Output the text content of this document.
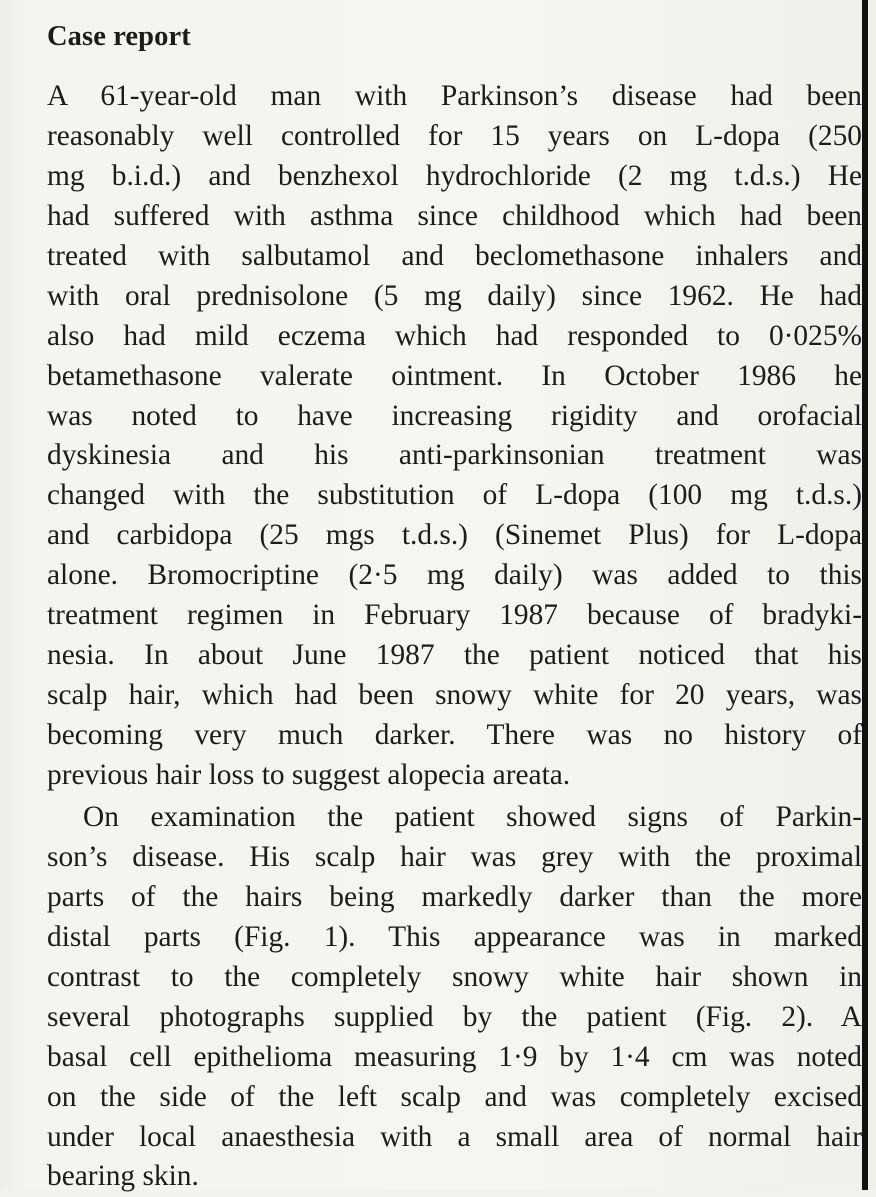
Case report
A 61-year-old man with Parkinson’s disease had been
reasonably well controlled for 15 years on L-dopa (250
mg b.i.d.) and benzhexol hydrochloride (2 mg t.d.s.) He
had suffered with asthma since childhood which had been
treated with salbutamol and beclomethasone inhalers and
with oral prednisolone (5 mg daily) since 1962. He had
also had mild eczema which had responded to 0·025%
betamethasone valerate ointment. In October 1986 he
was noted to have increasing rigidity and orofacial
dyskinesia and his anti-parkinsonian treatment was
changed with the substitution of L-dopa (100 mg t.d.s.)
and carbidopa (25 mgs t.d.s.) (Sinemet Plus) for L-dopa
alone. Bromocriptine (2·5 mg daily) was added to this
treatment regimen in February 1987 because of bradyki-
nesia. In about June 1987 the patient noticed that his
scalp hair, which had been snowy white for 20 years, was
becoming very much darker. There was no history of
previous hair loss to suggest alopecia areata.
On examination the patient showed signs of Parkin-
son’s disease. His scalp hair was grey with the proximal
parts of the hairs being markedly darker than the more
distal parts (Fig. 1). This appearance was in marked
contrast to the completely snowy white hair shown in
several photographs supplied by the patient (Fig. 2). A
basal cell epithelioma measuring 1·9 by 1·4 cm was noted
on the side of the left scalp and was completely excised
under local anaesthesia with a small area of normal hair
bearing skin.
